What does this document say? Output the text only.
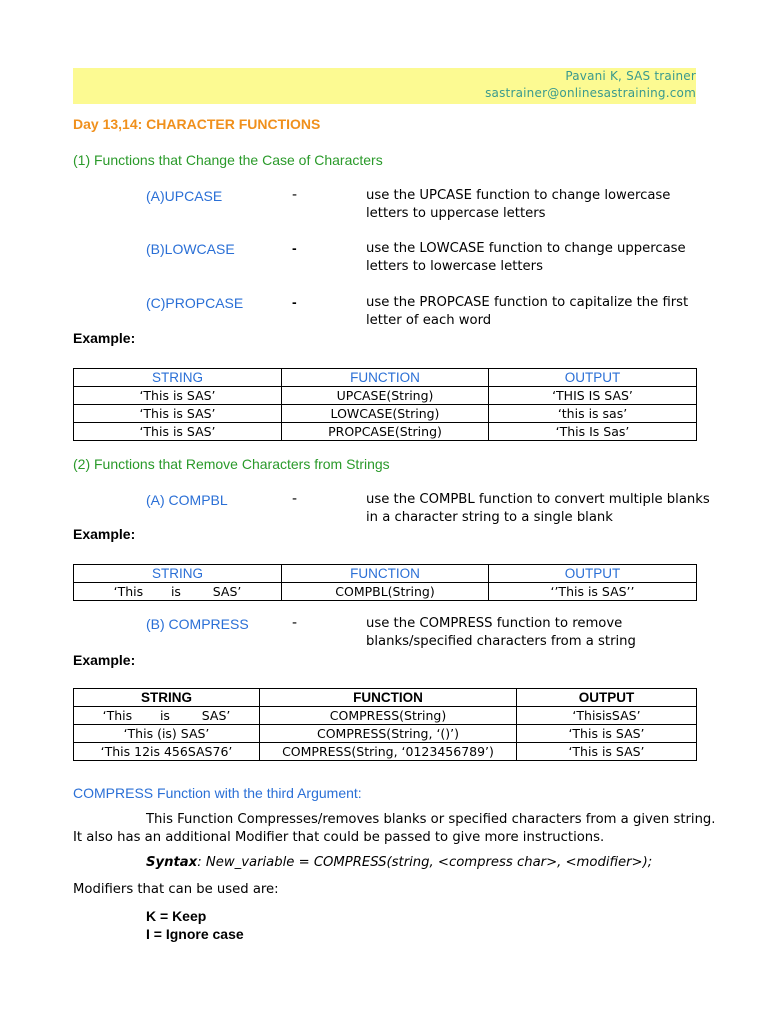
Pavani K, SAS trainer
sastrainer@onlinesastraining.com
Day 13,14: CHARACTER FUNCTIONS
(1) Functions that Change the Case of Characters
(A)UPCASE	-	use the UPCASE function to change lowercase
letters to uppercase letters
(B)LOWCASE	-	use the LOWCASE function to change uppercase
letters to lowercase letters
(C)PROPCASE	-	use the PROPCASE function to capitalize the first
letter of each word
Example:
STRING	FUNCTION	OUTPUT
‘This is SAS’	UPCASE(String)	‘THIS IS SAS’
‘This is SAS’	LOWCASE(String)	‘this is sas’
‘This is SAS’	PROPCASE(String)	‘This Is Sas’
(2) Functions that Remove Characters from Strings
(A) COMPBL	-	use the COMPBL function to convert multiple blanks
in a character string to a single blank
Example:
STRING	FUNCTION	OUTPUT
‘This       is        SAS’	COMPBL(String)	‘’This is SAS’’
(B) COMPRESS	-	use the COMPRESS function to remove
blanks/specified characters from a string
Example:
STRING	FUNCTION	OUTPUT
‘This       is        SAS’	COMPRESS(String)	‘ThisisSAS’
‘This (is) SAS’	COMPRESS(String, ‘()’)	‘This is SAS’
‘This 12is 456SAS76’	COMPRESS(String, ‘0123456789’)	‘This is SAS’
COMPRESS Function with the third Argument:
This Function Compresses/removes blanks or specified characters from a given string.
It also has an additional Modifier that could be passed to give more instructions.
Syntax: New_variable = COMPRESS(string, <compress char>, <modifier>);
Modifiers that can be used are:
K = Keep
I = Ignore case
